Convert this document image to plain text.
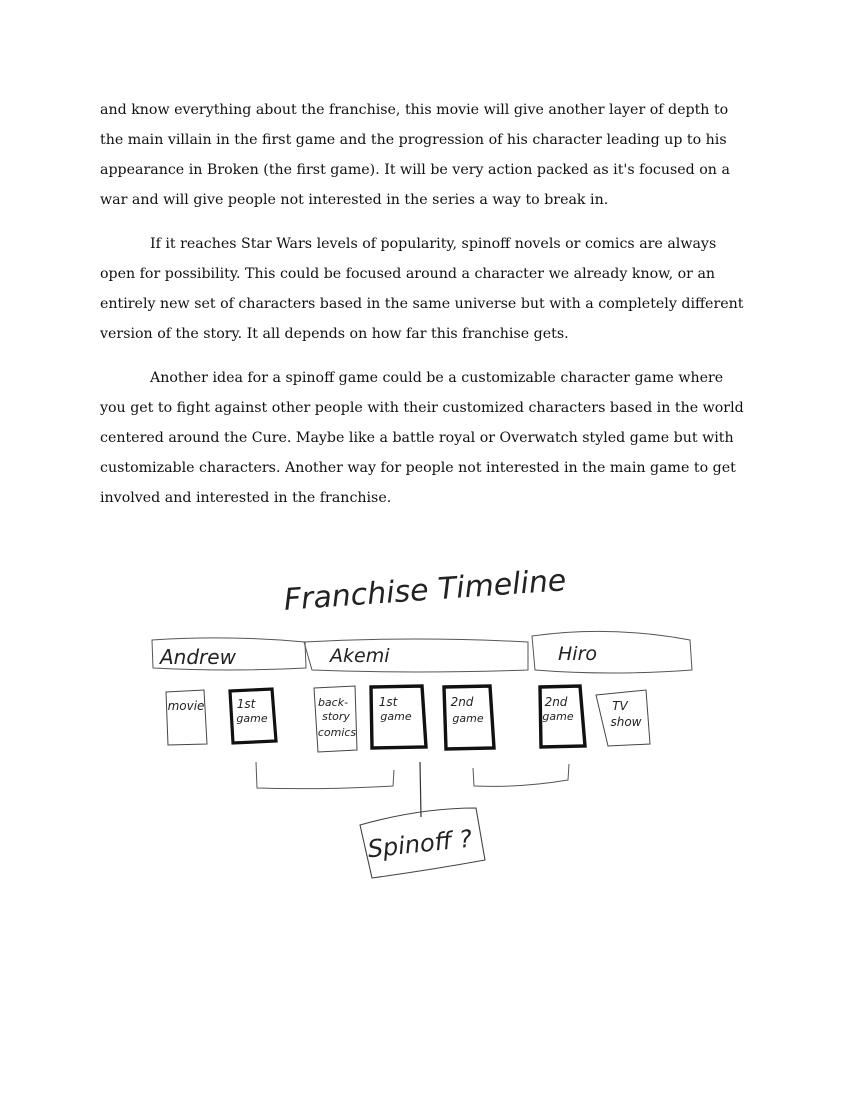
and know everything about the franchise, this movie will give another layer of depth to the main villain in the first game and the progression of his character leading up to his appearance in Broken (the first game). It will be very action packed as it's focused on a war and will give people not interested in the series a way to break in.

If it reaches Star Wars levels of popularity, spinoff novels or comics are always open for possibility. This could be focused around a character we already know, or an entirely new set of characters based in the same universe but with a completely different version of the story. It all depends on how far this franchise gets.

Another idea for a spinoff game could be a customizable character game where you get to fight against other people with their customized characters based in the world centered around the Cure. Maybe like a battle royal or Overwatch styled game but with customizable characters. Another way for people not interested in the main game to get involved and interested in the franchise.

Franchise Timeline
Andrew	Akemi	Hiro
movie	1st
game
back-
story
comics
1st
game
2nd
game
2nd
game
TV
show
Spinoff ?
